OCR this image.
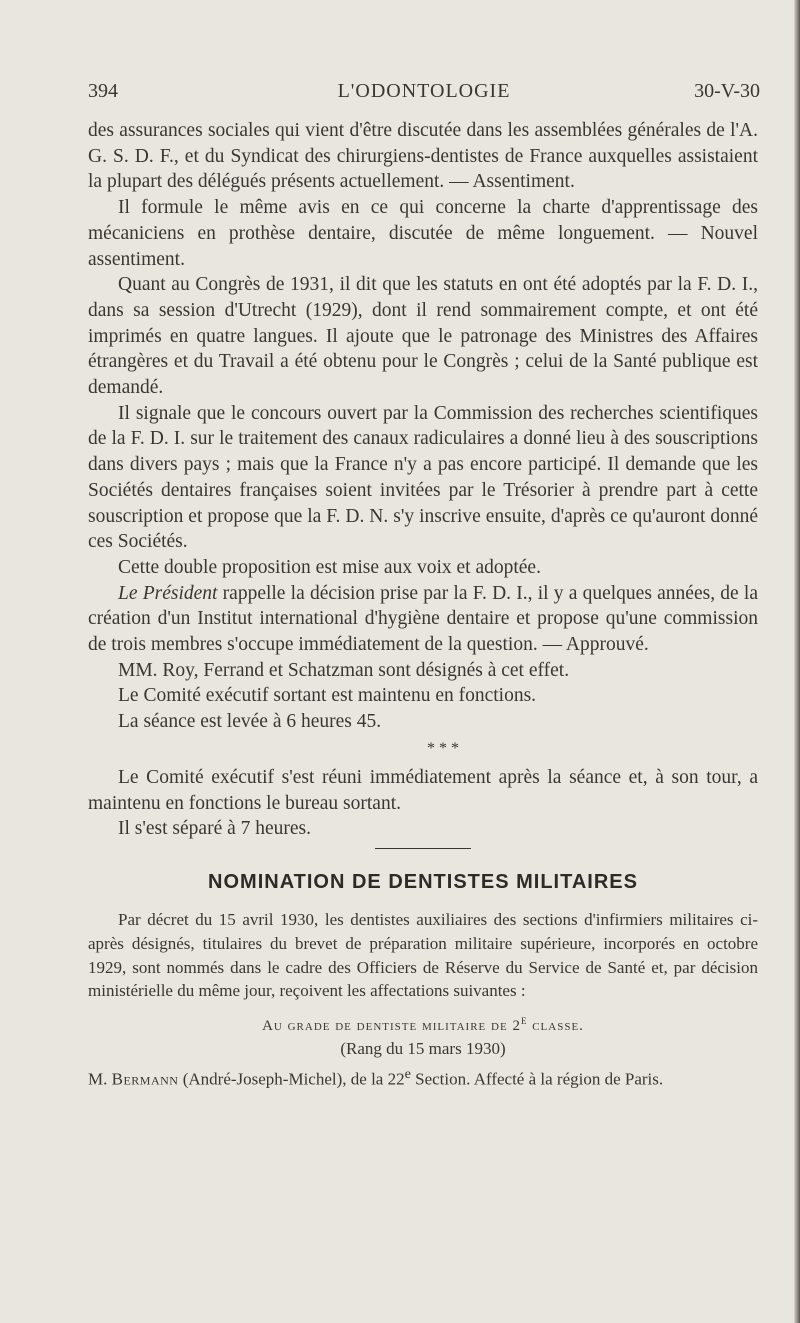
394	L'ODONTOLOGIE	30-V-30

des assurances sociales qui vient d'être discutée dans les assemblées générales de l'A. G. S. D. F., et du Syndicat des chirurgiens-dentistes de France auxquelles assistaient la plupart des délégués présents actuellement. — Assentiment.

Il formule le même avis en ce qui concerne la charte d'apprentissage des mécaniciens en prothèse dentaire, discutée de même longuement. — Nouvel assentiment.

Quant au Congrès de 1931, il dit que les statuts en ont été adoptés par la F. D. I., dans sa session d'Utrecht (1929), dont il rend sommairement compte, et ont été imprimés en quatre langues. Il ajoute que le patronage des Ministres des Affaires étrangères et du Travail a été obtenu pour le Congrès ; celui de la Santé publique est demandé.

Il signale que le concours ouvert par la Commission des recherches scientifiques de la F. D. I. sur le traitement des canaux radiculaires a donné lieu à des souscriptions dans divers pays ; mais que la France n'y a pas encore participé. Il demande que les Sociétés dentaires françaises soient invitées par le Trésorier à prendre part à cette souscription et propose que la F. D. N. s'y inscrive ensuite, d'après ce qu'auront donné ces Sociétés.

Cette double proposition est mise aux voix et adoptée.

Le Président rappelle la décision prise par la F. D. I., il y a quelques années, de la création d'un Institut international d'hygiène dentaire et propose qu'une commission de trois membres s'occupe immédiatement de la question. — Approuvé.

MM. Roy, Ferrand et Schatzman sont désignés à cet effet.

Le Comité exécutif sortant est maintenu en fonctions.

La séance est levée à 6 heures 45.

* * *

Le Comité exécutif s'est réuni immédiatement après la séance et, à son tour, a maintenu en fonctions le bureau sortant.

Il s'est séparé à 7 heures.

NOMINATION DE DENTISTES MILITAIRES

Par décret du 15 avril 1930, les dentistes auxiliaires des sections d'infirmiers militaires ci-après désignés, titulaires du brevet de préparation militaire supérieure, incorporés en octobre 1929, sont nommés dans le cadre des Officiers de Réserve du Service de Santé et, par décision ministérielle du même jour, reçoivent les affectations suivantes :

Au grade de dentiste militaire de 2e classe.
(Rang du 15 mars 1930)

M. Bermann (André-Joseph-Michel), de la 22e Section. Affecté à la région de Paris.
